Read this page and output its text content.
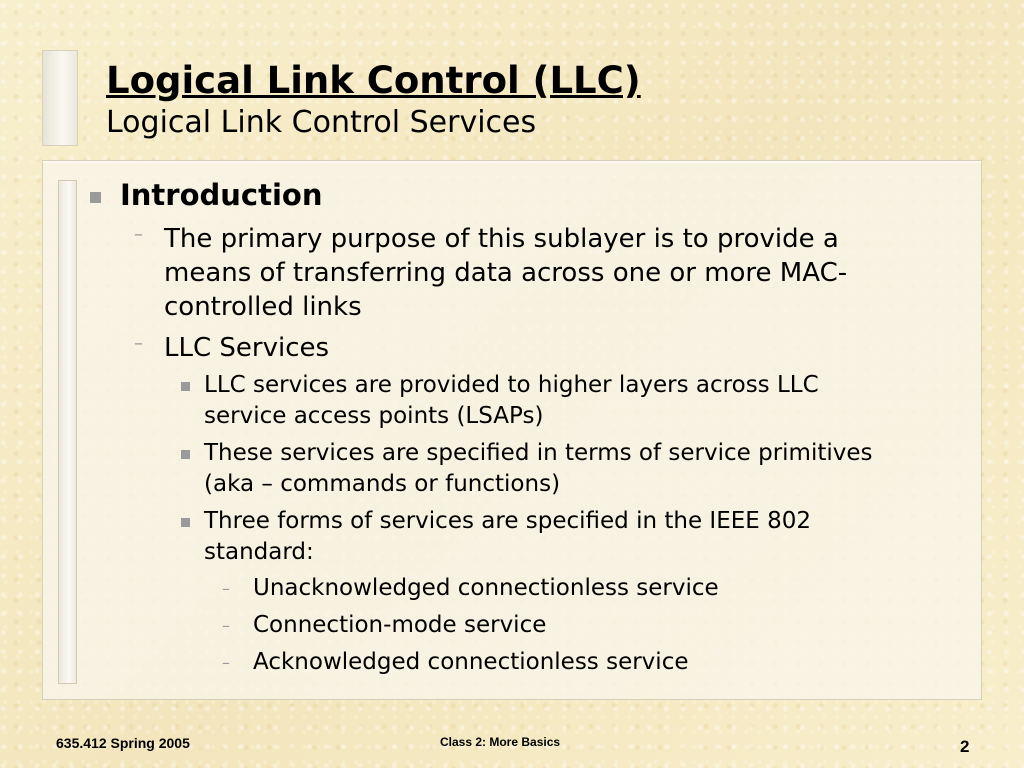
Logical Link Control (LLC)
Logical Link Control Services
Introduction
– The primary purpose of this sublayer is to provide a
means of transferring data across one or more MAC-
controlled links
– LLC Services
LLC services are provided to higher layers across LLC
service access points (LSAPs)
These services are specified in terms of service primitives
(aka – commands or functions)
Three forms of services are specified in the IEEE 802
standard:
– Unacknowledged connectionless service
– Connection-mode service
– Acknowledged connectionless service
635.412 Spring 2005	Class 2: More Basics	2
